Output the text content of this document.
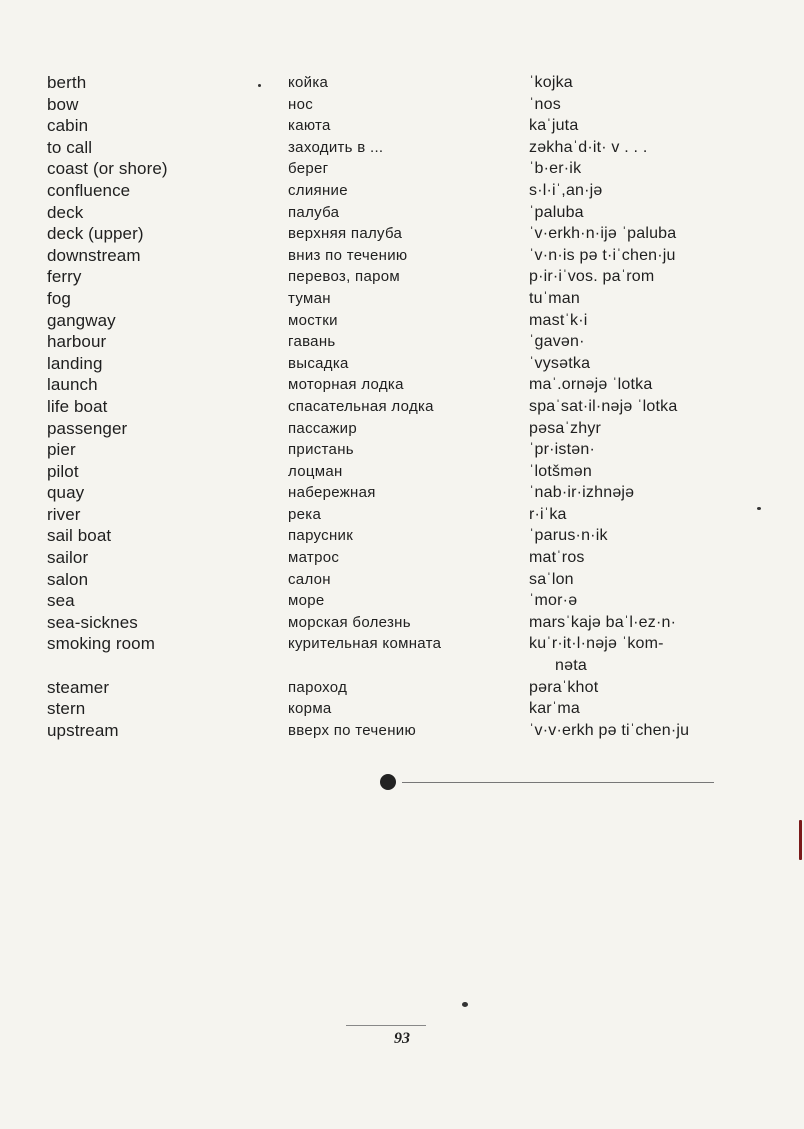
berth	койка	ˈkojka
bow	нос	ˈnos
cabin	каюта	kaˈjuta
to call	заходить в ...	zəkhaˈd·it· v . . .
coast (or shore)	берег	ˈb·er·ik
confluence	слияние	s·l·iˈ,an·jə
deck	палуба	ˈpaluba
deck (upper)	верхняя палуба	ˈv·erkh·n·ijə ˈpaluba
downstream	вниз по течению	ˈv·n·is pə t·iˈchen·ju
ferry	перевоз, паром	p·ir·iˈvos. paˈrom
fog	туман	tuˈman
gangway	мостки	mastˈk·i
harbour	гавань	ˈgavən·
landing	высадка	ˈvysətka
launch	моторная лодка	maˈ.ornəjə ˈlotka
life boat	спасательная лодка	spaˈsat·il·nəjə ˈlotka
passenger	пассажир	pəsaˈzhyr
pier	пристань	ˈpr·istən·
pilot	лоцман	ˈlotšmən
quay	набережная	ˈnab·ir·izhnəjə
river	река	r·iˈka
sail boat	парусник	ˈparus·n·ik
sailor	матрос	matˈros
salon	салон	saˈlon
sea	море	ˈmor·ə
sea-sicknes	морская болезнь	marsˈkajə baˈl·ez·n·
smoking room	курительная комната	kuˈr·it·l·nəjə ˈkom-
nəta
steamer	пароход	pəraˈkhot
stern	корма	karˈma
upstream	вверх по течению	ˈv·v·erkh pə tiˈchen·ju
93
